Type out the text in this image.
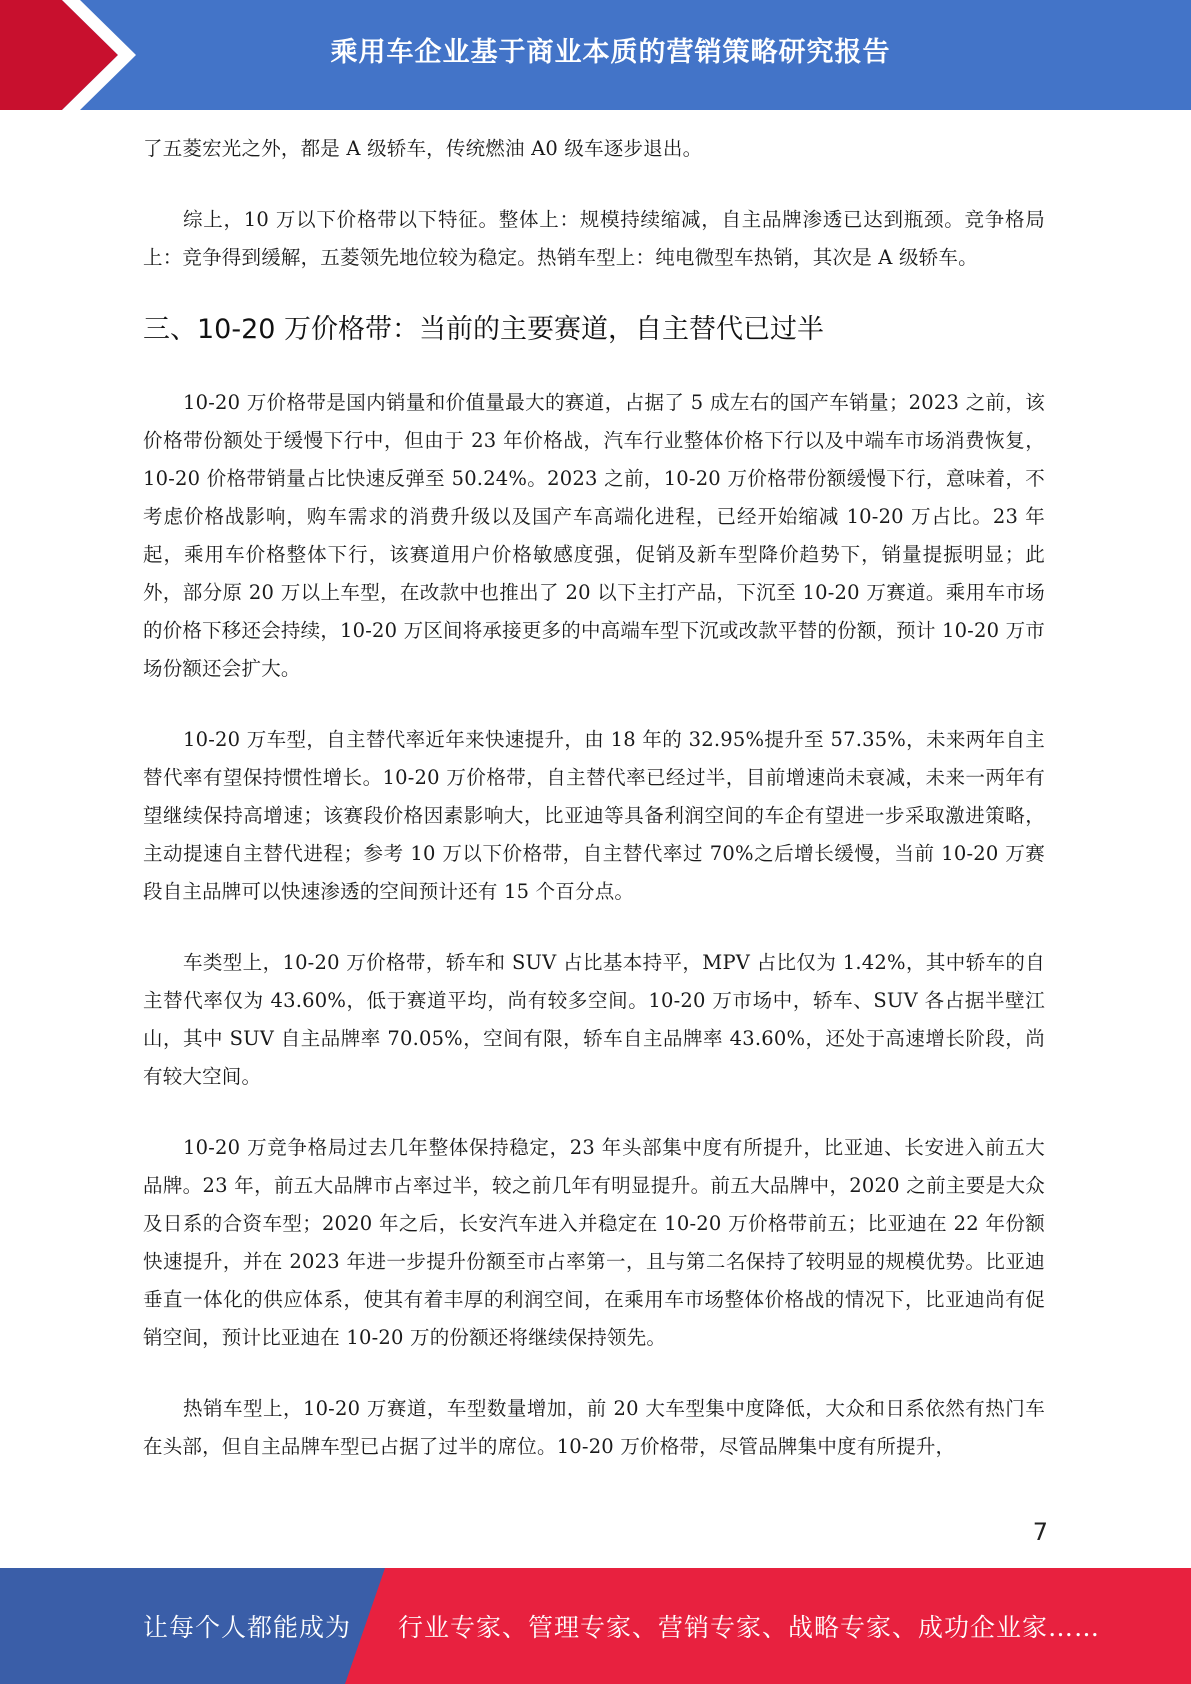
乘用车企业基于商业本质的营销策略研究报告

了五菱宏光之外，都是 A 级轿车，传统燃油 A0 级车逐步退出。

综上，10 万以下价格带以下特征。整体上：规模持续缩减，自主品牌渗透已达到瓶颈。竞争格局上：竞争得到缓解，五菱领先地位较为稳定。热销车型上：纯电微型车热销，其次是 A 级轿车。

三、10-20 万价格带：当前的主要赛道，自主替代已过半

10-20 万价格带是国内销量和价值量最大的赛道，占据了 5 成左右的国产车销量；2023 之前，该价格带份额处于缓慢下行中，但由于 23 年价格战，汽车行业整体价格下行以及中端车市场消费恢复，10-20 价格带销量占比快速反弹至 50.24%。2023 之前，10-20 万价格带份额缓慢下行，意味着，不考虑价格战影响，购车需求的消费升级以及国产车高端化进程，已经开始缩减 10-20 万占比。23 年起，乘用车价格整体下行，该赛道用户价格敏感度强，促销及新车型降价趋势下，销量提振明显；此外，部分原 20 万以上车型，在改款中也推出了 20 以下主打产品，下沉至 10-20 万赛道。乘用车市场的价格下移还会持续，10-20 万区间将承接更多的中高端车型下沉或改款平替的份额，预计 10-20 万市场份额还会扩大。

10-20 万车型，自主替代率近年来快速提升，由 18 年的 32.95%提升至 57.35%，未来两年自主替代率有望保持惯性增长。10-20 万价格带，自主替代率已经过半，目前增速尚未衰减，未来一两年有望继续保持高增速；该赛段价格因素影响大，比亚迪等具备利润空间的车企有望进一步采取激进策略，主动提速自主替代进程；参考 10 万以下价格带，自主替代率过 70%之后增长缓慢，当前 10-20 万赛段自主品牌可以快速渗透的空间预计还有 15 个百分点。

车类型上，10-20 万价格带，轿车和 SUV 占比基本持平，MPV 占比仅为 1.42%，其中轿车的自主替代率仅为 43.60%，低于赛道平均，尚有较多空间。10-20 万市场中，轿车、SUV 各占据半壁江山，其中 SUV 自主品牌率 70.05%，空间有限，轿车自主品牌率 43.60%，还处于高速增长阶段，尚有较大空间。

10-20 万竞争格局过去几年整体保持稳定，23 年头部集中度有所提升，比亚迪、长安进入前五大品牌。23 年，前五大品牌市占率过半，较之前几年有明显提升。前五大品牌中，2020 之前主要是大众及日系的合资车型；2020 年之后，长安汽车进入并稳定在 10-20 万价格带前五；比亚迪在 22 年份额快速提升，并在 2023 年进一步提升份额至市占率第一，且与第二名保持了较明显的规模优势。比亚迪垂直一体化的供应体系，使其有着丰厚的利润空间，在乘用车市场整体价格战的情况下，比亚迪尚有促销空间，预计比亚迪在 10-20 万的份额还将继续保持领先。

热销车型上，10-20 万赛道，车型数量增加，前 20 大车型集中度降低，大众和日系依然有热门车在头部，但自主品牌车型已占据了过半的席位。10-20 万价格带，尽管品牌集中度有所提升，

7
让每个人都能成为 行业专家、管理专家、营销专家、战略专家、成功企业家……
